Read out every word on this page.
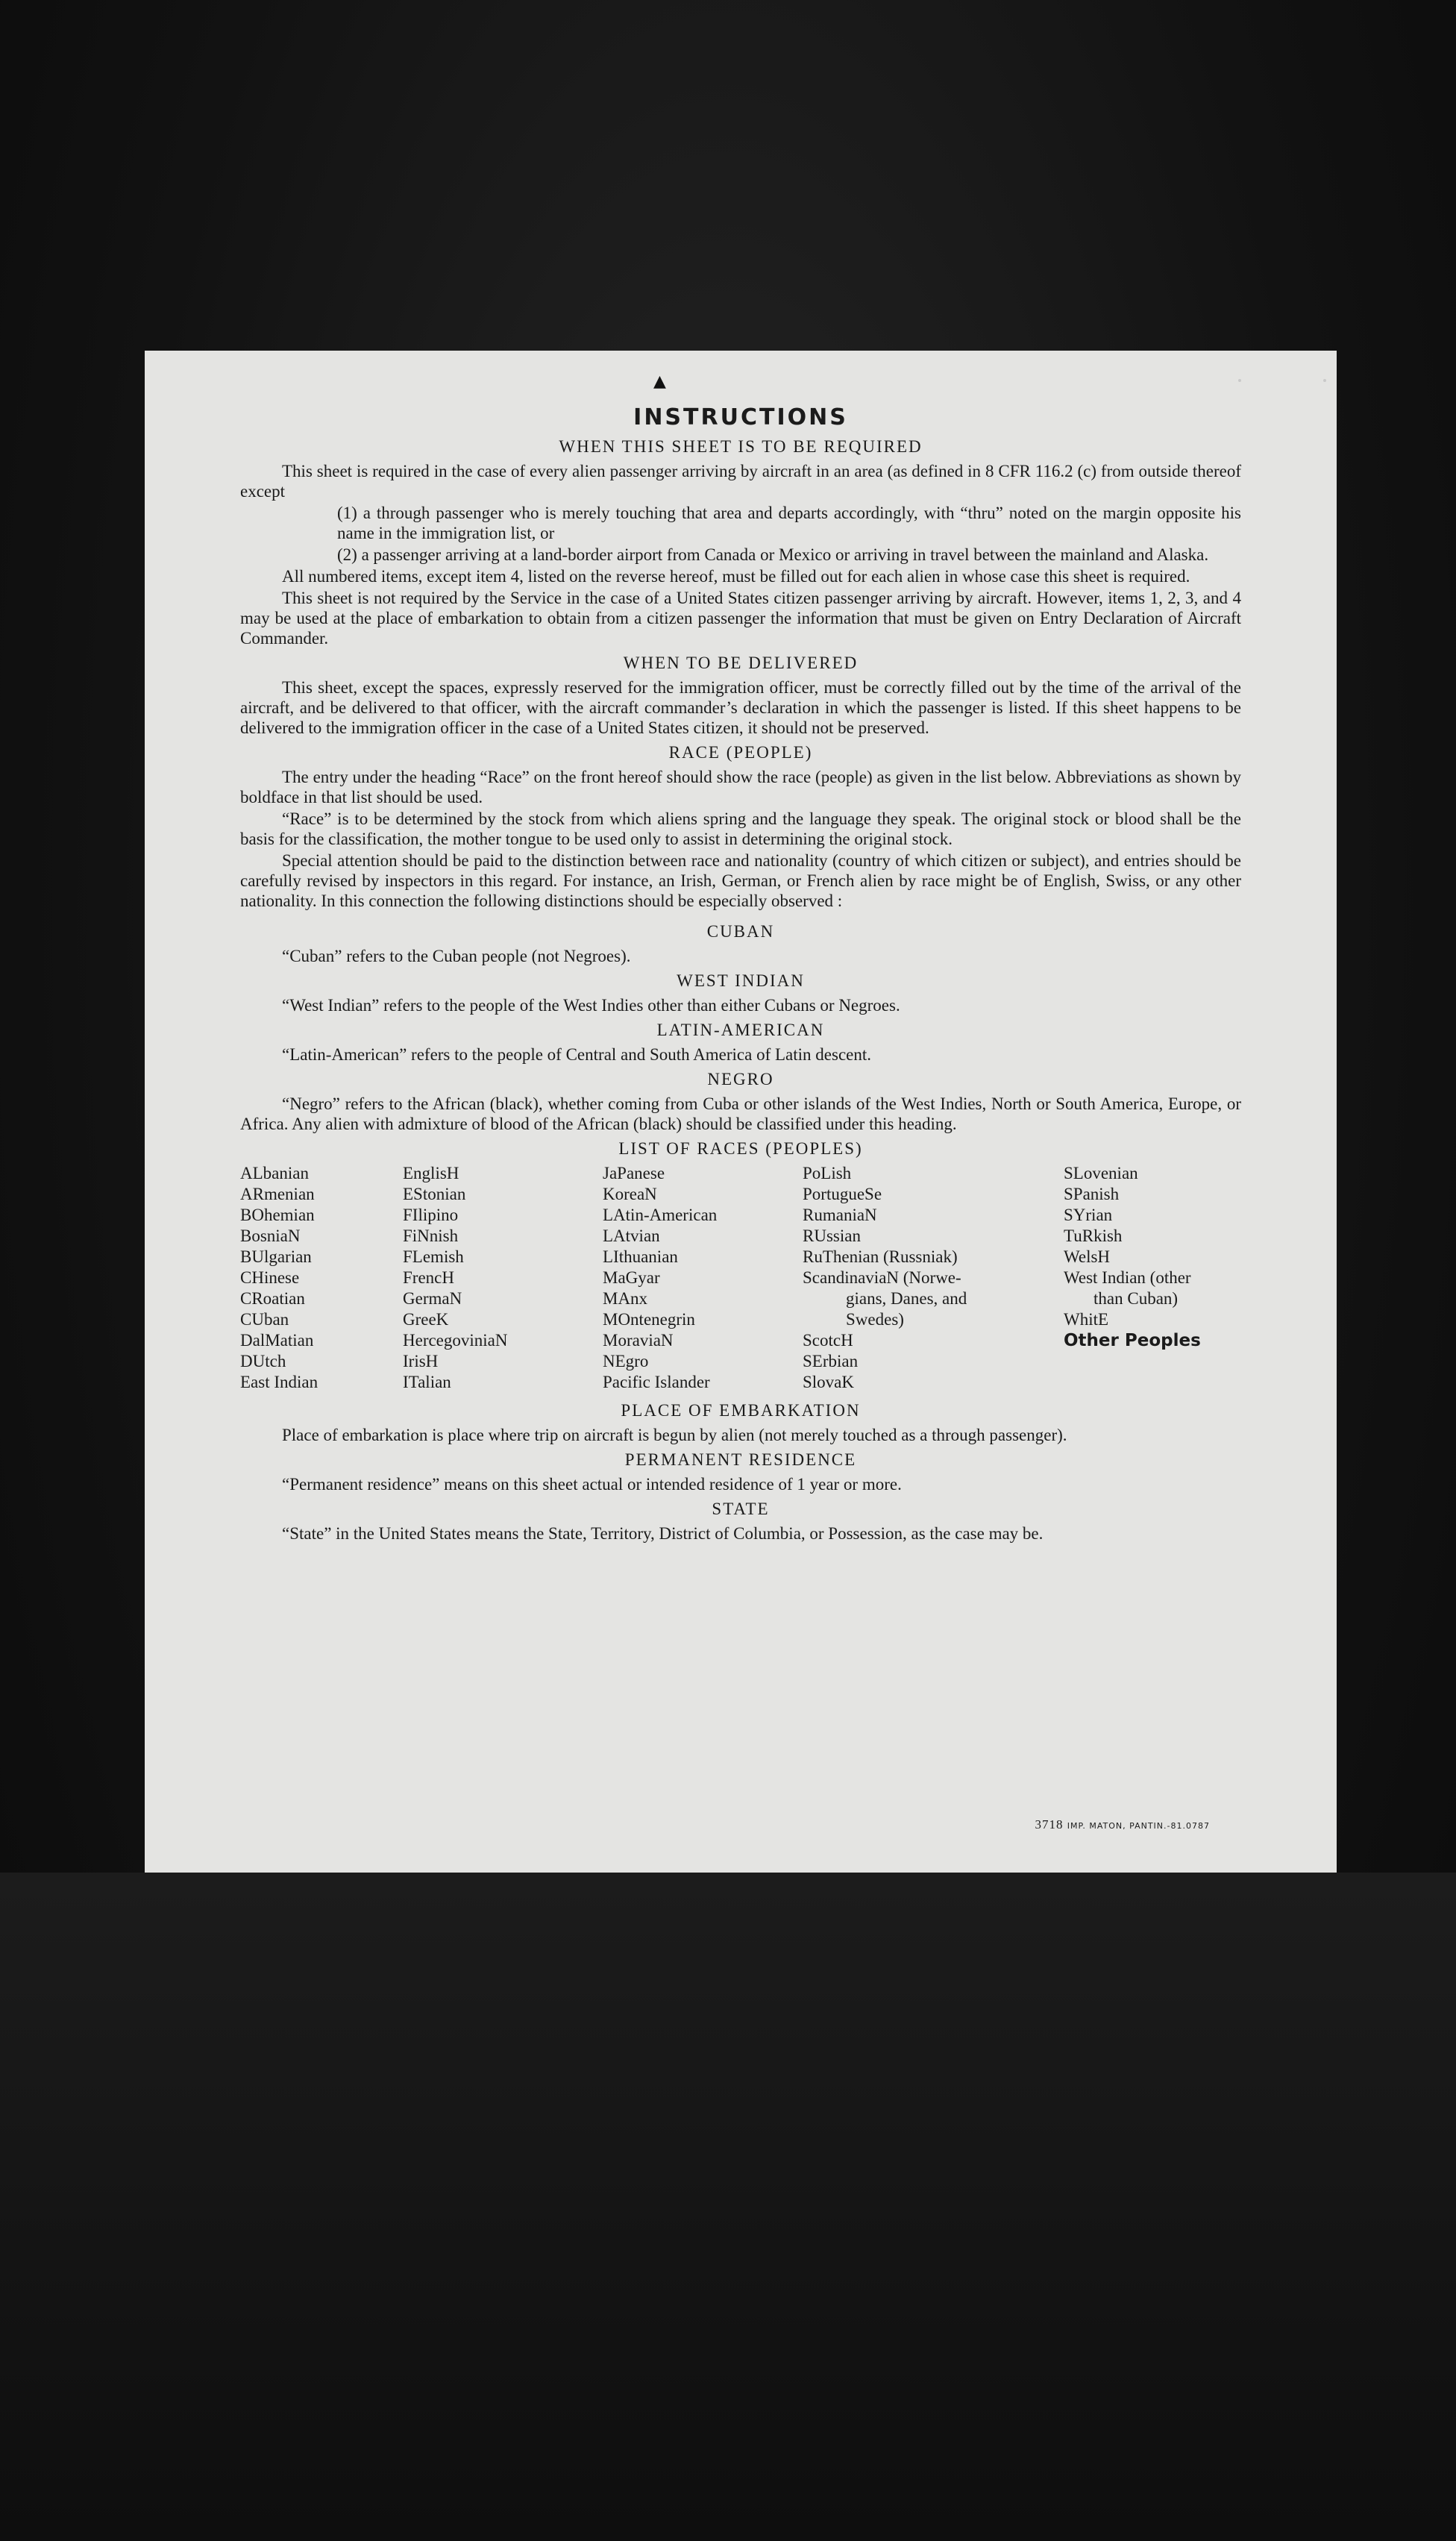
▲
INSTRUCTIONS
WHEN THIS SHEET IS TO BE REQUIRED

This sheet is required in the case of every alien passenger arriving by aircraft in an area (as defined in 8 CFR 116.2 (c) from outside thereof except

(1) a through passenger who is merely touching that area and departs accordingly, with “thru” noted on the margin opposite his name in the immigration list, or
(2) a passenger arriving at a land-border airport from Canada or Mexico or arriving in travel between the mainland and Alaska.

All numbered items, except item 4, listed on the reverse hereof, must be filled out for each alien in whose case this sheet is required.

This sheet is not required by the Service in the case of a United States citizen passenger arriving by aircraft. However, items 1, 2, 3, and 4 may be used at the place of embarkation to obtain from a citizen passenger the information that must be given on Entry Declaration of Aircraft Commander.

WHEN TO BE DELIVERED

This sheet, except the spaces, expressly reserved for the immigration officer, must be correctly filled out by the time of the arrival of the aircraft, and be delivered to that officer, with the aircraft commander’s declaration in which the passenger is listed. If this sheet happens to be delivered to the immigration officer in the case of a United States citizen, it should not be preserved.

RACE (PEOPLE)

The entry under the heading “Race” on the front hereof should show the race (people) as given in the list below. Abbreviations as shown by boldface in that list should be used.

“Race” is to be determined by the stock from which aliens spring and the language they speak. The original stock or blood shall be the basis for the classification, the mother tongue to be used only to assist in determining the original stock.

Special attention should be paid to the distinction between race and nationality (country of which citizen or subject), and entries should be carefully revised by inspectors in this regard. For instance, an Irish, German, or French alien by race might be of English, Swiss, or any other nationality. In this connection the following distinctions should be especially observed :

CUBAN

“Cuban” refers to the Cuban people (not Negroes).

WEST INDIAN

“West Indian” refers to the people of the West Indies other than either Cubans or Negroes.

LATIN-AMERICAN

“Latin-American” refers to the people of Central and South America of Latin descent.

NEGRO

“Negro” refers to the African (black), whether coming from Cuba or other islands of the West Indies, North or South America, Europe, or Africa. Any alien with admixture of blood of the African (black) should be classified under this heading.

LIST OF RACES (PEOPLES)
ALbanian
ARmenian
BOhemian
BosniaN
BUlgarian
CHinese
CRoatian
CUban
DalMatian
DUtch
East Indian
EnglisH
EStonian
FIlipino
FiNnish
FLemish
FrencH
GermaN
GreeK
HercegoviniaN
IrisH
ITalian
JaPanese
KoreaN
LAtin-American
LAtvian
LIthuanian
MaGyar
MAnx
MOntenegrin
MoraviaN
NEgro
Pacific Islander
PoLish
PortugueSe
RumaniaN
RUssian
RuThenian (Russniak)
ScandinaviaN (Norwe-
gians, Danes, and
Swedes)
ScotcH
SErbian
SlovaK
SLovenian
SPanish
SYrian
TuRkish
WelsH
West Indian (other
than Cuban)
WhitE
Other Peoples
PLACE OF EMBARKATION

Place of embarkation is place where trip on aircraft is begun by alien (not merely touched as a through passenger).

PERMANENT RESIDENCE

“Permanent residence” means on this sheet actual or intended residence of 1 year or more.

STATE

“State” in the United States means the State, Territory, District of Columbia, or Possession, as the case may be.

3718 IMP. MATON, PANTIN.-81.0787
